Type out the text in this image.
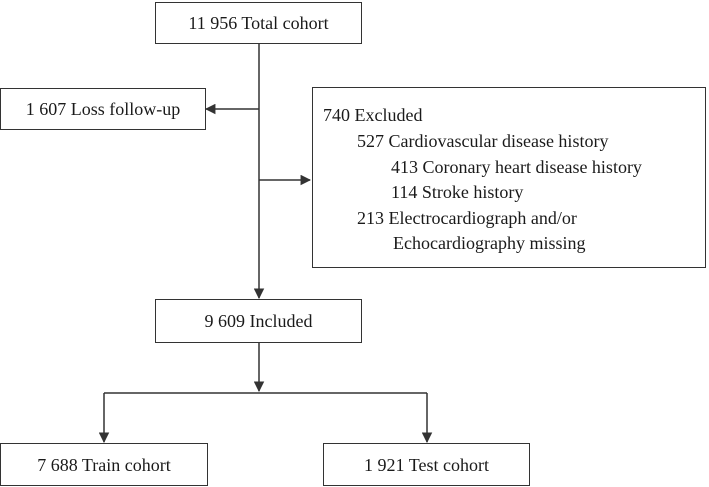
11 956 Total cohort
1 607 Loss follow-up	740 Excluded
527 Cardiovascular disease history
413 Coronary heart disease history
114 Stroke history
213 Electrocardiograph and/or
Echocardiography missing
9 609 Included
7 688 Train cohort	1 921 Test cohort
